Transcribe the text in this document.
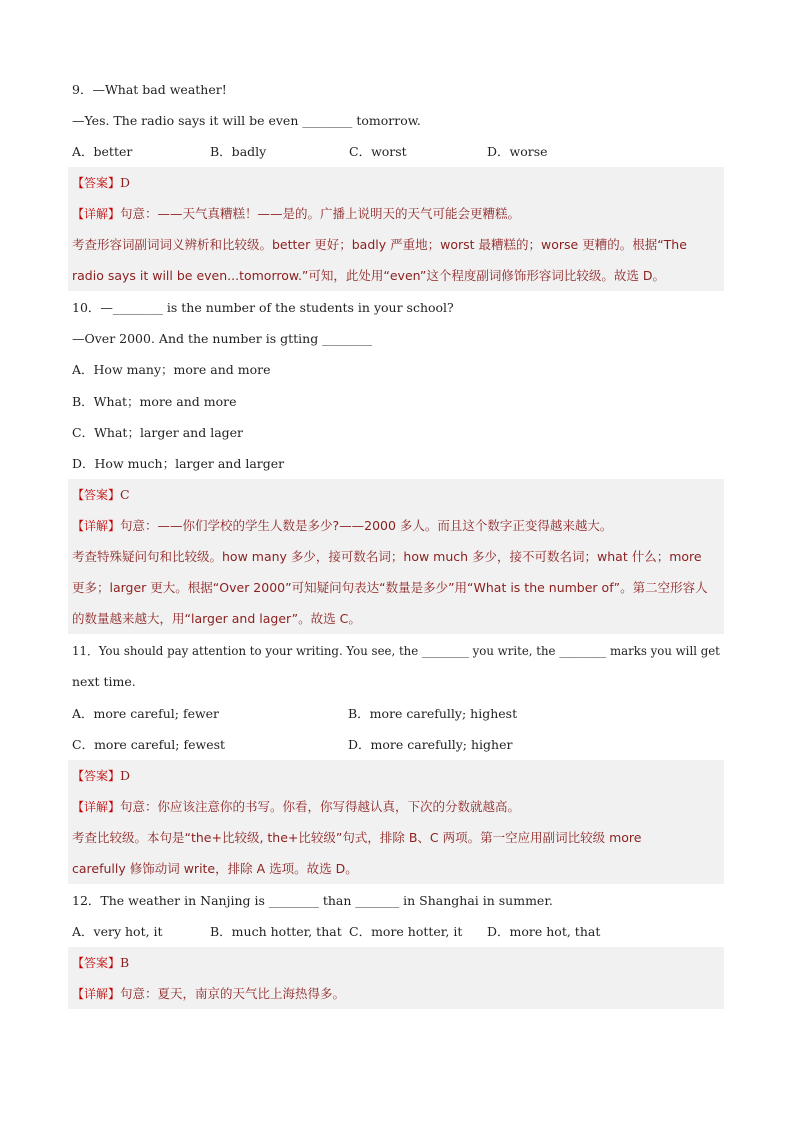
9．—What bad weather!
—Yes. The radio says it will be even ________ tomorrow.
A．better	B．badly	C．worst	D．worse
【答案】D
【详解】句意：——天气真糟糕！——是的。广播上说明天的天气可能会更糟糕。
考查形容词副词词义辨析和比较级。better 更好；badly 严重地；worst 最糟糕的；worse 更糟的。根据“The
radio says it will be even...tomorrow.”可知，此处用“even”这个程度副词修饰形容词比较级。故选 D。
10．—________ is the number of the students in your school?
—Over 2000. And the number is gtting ________
A．How many；more and more
B．What；more and more
C．What；larger and lager
D．How much；larger and larger
【答案】C
【详解】句意：——你们学校的学生人数是多少?——2000 多人。而且这个数字正变得越来越大。
考查特殊疑问句和比较级。how many 多少，接可数名词；how much 多少，接不可数名词；what 什么；more
更多；larger 更大。根据“Over 2000”可知疑问句表达“数量是多少”用“What is the number of”。第二空形容人
的数量越来越大，用“larger and lager”。故选 C。
11．You should pay attention to your writing. You see, the ________ you write, the ________ marks you will get
next time.
A．more careful; fewer	B．more carefully; highest
C．more careful; fewest	D．more carefully; higher
【答案】D
【详解】句意：你应该注意你的书写。你看，你写得越认真，下次的分数就越高。
考查比较级。本句是“the+比较级, the+比较级”句式，排除 B、C 两项。第一空应用副词比较级 more
carefully 修饰动词 write，排除 A 选项。故选 D。
12．The weather in Nanjing is ________ than _______ in Shanghai in summer.
A．very hot, it	B．much hotter, that C．more hotter, it D．more hot, that
【答案】B
【详解】句意：夏天，南京的天气比上海热得多。
